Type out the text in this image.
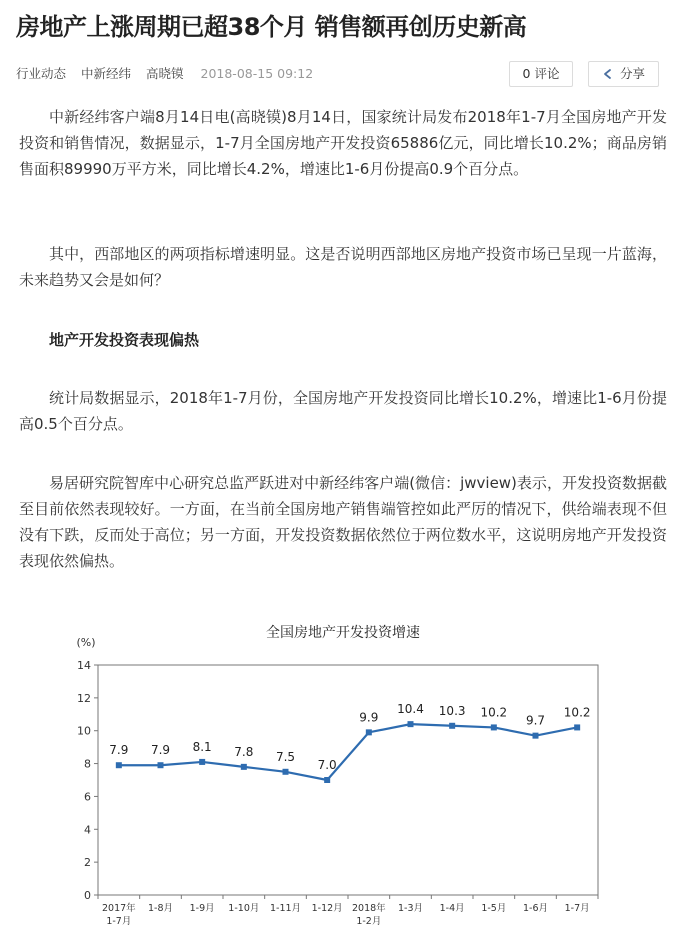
房地产上涨周期已超38个月 销售额再创历史新高
行业动态 中新经纬 高晓镆 2018-08-15 09:12	0 评论	分享

中新经纬客户端8月14日电(高晓镆)8月14日，国家统计局发布2018年1-7月全国房地产开发投资和销售情况，数据显示，1-7月全国房地产开发投资65886亿元，同比增长10.2%；商品房销售面积89990万平方米，同比增长4.2%，增速比1-6月份提高0.9个百分点。

其中，西部地区的两项指标增速明显。这是否说明西部地区房地产投资市场已呈现一片蓝海，未来趋势又会是如何？

地产开发投资表现偏热

统计局数据显示，2018年1-7月份，全国房地产开发投资同比增长10.2%，增速比1-6月份提高0.5个百分点。

易居研究院智库中心研究总监严跃进对中新经纬客户端(微信：jwview)表示，开发投资数据截至目前依然表现较好。一方面，在当前全国房地产销售端管控如此严厉的情况下，供给端表现不但没有下跌，反而处于高位；另一方面，开发投资数据依然位于两位数水平，这说明房地产开发投资表现依然偏热。

全国房地产开发投资增速
(%)
0
2
4
6
8
10
12
14
2017年
1-7月
1-8月 1-9月 1-10月 1-11月 1-12月 2018年
1-2月
1-3月 1-4月 1-5月 1-6月 1-7月
7.9 7.9 8.1 7.8 7.5
7.0
9.9
10.4 10.3 10.2
9.7
10.2
